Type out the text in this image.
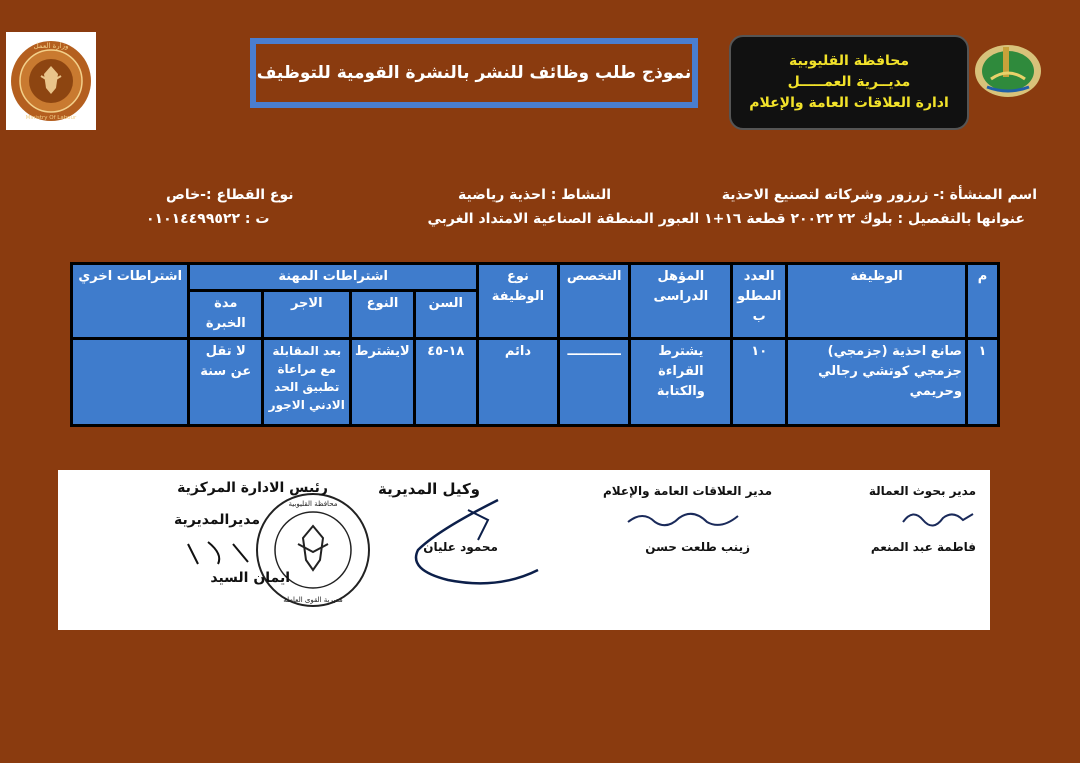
Ministry Of Labour
وزارة العمل
نموذج طلب وظائف للنشر بالنشرة القومية للتوظيف
محافظة القليوبية
مديــرية العمـــــل
ادارة العلاقات العامة والإعلام
اسم المنشأة :- زرزور وشركاته لتصنيع الاحذية
النشاط : احذية رياضية
نوع القطاع :-خاص
عنوانها بالتفصيل : بلوك ٢٢ ٢٠٠٢٢ قطعة ١٦+١ العبور المنطقة الصناعية الامتداد الغربي
ت : ٠١٠١٤٤٩٩٥٢٢
م	الوظيفة	العدد المطلو ب	المؤهل الدراسى	التخصص	نوع الوظيفة	اشتراطات المهنة				اشتراطات اخري
						السن	النوع	الاجر	مدة الخبرة	
١	صانع احذية (جزمجي) جزمجي كوتشي رجالي وحريمي	١٠	يشترط القراءة والكتابة	ــــــــــــ	دائم	١٨-٤٥	لايشترط	بعد المقابلة مع مراعاة تطبيق الحد الادني الاجور	لا تقل عن سنة	
مدير بحوث العمالة
فاطمة عبد المنعم
مدير العلاقات العامة والإعلام
زينب طلعت حسن
وكيل المديرية
محمود عليان
محافظة القليوبية
مديرية القوى العاملة
رئيس الادارة المركزية
مديرالمديرية
ايمان السيد
